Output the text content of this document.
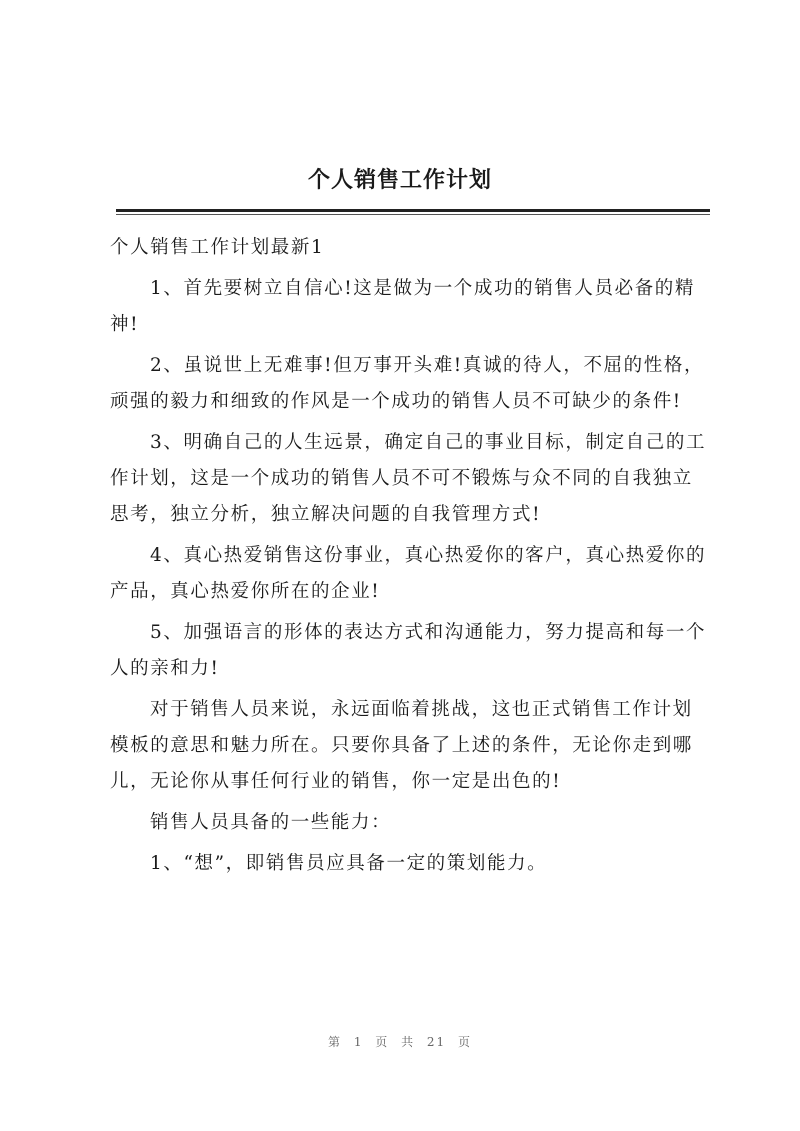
个人销售工作计划

个人销售工作计划最新1

1、首先要树立自信心!这是做为一个成功的销售人员必备的精神!

2、虽说世上无难事!但万事开头难!真诚的待人，不屈的性格，顽强的毅力和细致的作风是一个成功的销售人员不可缺少的条件!

3、明确自己的人生远景，确定自己的事业目标，制定自己的工作计划，这是一个成功的销售人员不可不锻炼与众不同的自我独立思考，独立分析，独立解决问题的自我管理方式!

4、真心热爱销售这份事业，真心热爱你的客户，真心热爱你的产品，真心热爱你所在的企业!

5、加强语言的形体的表达方式和沟通能力，努力提高和每一个人的亲和力!

对于销售人员来说，永远面临着挑战，这也正式销售工作计划模板的意思和魅力所在。只要你具备了上述的条件，无论你走到哪儿，无论你从事任何行业的销售，你一定是出色的!

销售人员具备的一些能力：

1、“想”，即销售员应具备一定的策划能力。

第 1 页 共 21 页
